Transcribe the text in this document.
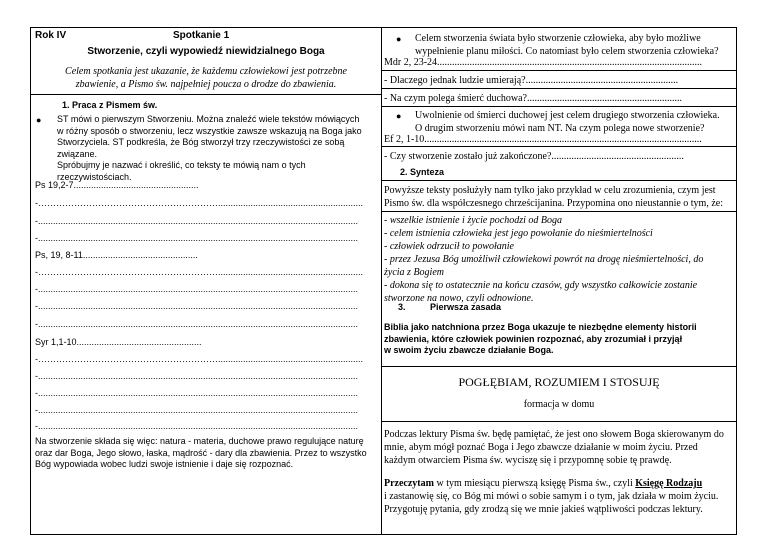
Rok IV	Spotkanie 1
Stworzenie, czyli wypowiedź niewidzialnego Boga
Celem spotkania jest ukazanie, że każdemu człowiekowi jest potrzebne
zbawienie, a Pismo św. najpełniej poucza o drodze do zbawienia.
1. Praca z Pismem św.
● ST mówi o pierwszym Stworzeniu. Można znaleźć wiele tekstów mówiących
w różny sposób o stworzeniu, lecz wszystkie zawsze wskazują na Boga jako
Stworzyciela. ST podkreśla, że Bóg stworzył trzy rzeczywistości ze sobą
związane.
Spróbujmy je nazwać i określić, co teksty te mówią nam o tych rzeczywistościach.
Ps 19,2-7..................................................
-……………………………………………………..........................................................
-................................................................................................................................
-................................................................................................................................
Ps, 19, 8-11..............................................
-……………………………………………………..........................................................
-................................................................................................................................
-................................................................................................................................
-................................................................................................................................
Syr 1,1-10..................................................
-……………………………………………………..........................................................
-................................................................................................................................
-................................................................................................................................
-................................................................................................................................
-................................................................................................................................
Na stworzenie składa się więc: natura - materia, duchowe prawo regulujące naturę
oraz dar Boga, Jego słowo, łaska, mądrość - dary dla zbawienia. Przez to wszystko
Bóg wypowiada wobec ludzi swoje istnienie i daje się rozpoznać.
● Celem stworzenia świata było stworzenie człowieka, aby było możliwe
wypełnienie planu miłości. Co natomiast było celem stworzenia człowieka?
Mdr 2, 23-24..........................................................................................................
- Dlaczego jednak ludzie umierają?.............................................................
- Na czym polega śmierć duchowa?..............................................................
● Uwolnienie od śmierci duchowej jest celem drugiego stworzenia człowieka.
O drugim stworzeniu mówi nam NT. Na czym polega nowe stworzenie?
Ef 2, 1-10...............................................................................................................
- Czy stworzenie zostało już zakończone?.....................................................
2. Synteza
Powyższe teksty posłużyły nam tylko jako przykład w celu zrozumienia, czym jest
Pismo św. dla współczesnego chrześcijanina. Przypomina ono nieustannie o tym, że:
- wszelkie istnienie i życie pochodzi od Boga
- celem istnienia człowieka jest jego powołanie do nieśmiertelności
- człowiek odrzucił to powołanie
- przez Jezusa Bóg umożliwił człowiekowi powrót na drogę nieśmiertelności, do
życia z Bogiem
- dokona się to ostatecznie na końcu czasów, gdy wszystko całkowicie zostanie
stworzone na nowo, czyli odnowione.
3.	Pierwsza zasada
Biblia jako natchniona przez Boga ukazuje te niezbędne elementy historii
zbawienia, które człowiek powinien rozpoznać, aby zrozumiał i przyjął
w swoim życiu zbawcze działanie Boga.
POGŁĘBIAM, ROZUMIEM I STOSUJĘ
formacja w domu
Podczas lektury Pisma św. będę pamiętać, że jest ono słowem Boga skierowanym do
mnie, abym mógł poznać Boga i Jego zbawcze działanie w moim życiu. Przed
każdym otwarciem Pisma św. wyciszę się i przypomnę sobie tę prawdę.
Przeczytam w tym miesiącu pierwszą księgę Pisma św., czyli Księgę Rodzaju
i zastanowię się, co Bóg mi mówi o sobie samym i o tym, jak działa w moim życiu.
Przygotuję pytania, gdy zrodzą się we mnie jakieś wątpliwości podczas lektury.
